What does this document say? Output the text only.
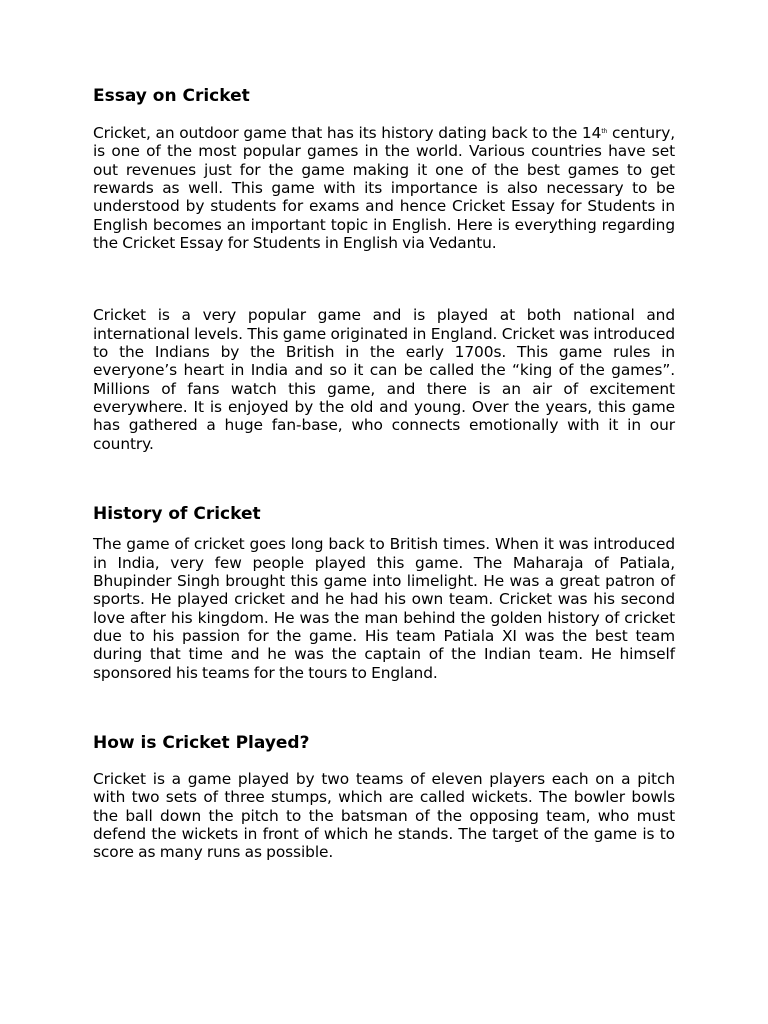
Essay on Cricket

Cricket, an outdoor game that has its history dating back to the 14th century, is one of the most popular games in the world. Various countries have set out revenues just for the game making it one of the best games to get rewards as well. This game with its importance is also necessary to be understood by students for exams and hence Cricket Essay for Students in English becomes an important topic in English. Here is everything regarding the Cricket Essay for Students in English via Vedantu.

Cricket is a very popular game and is played at both national and international levels. This game originated in England. Cricket was introduced to the Indians by the British in the early 1700s. This game rules in everyone’s heart in India and so it can be called the “king of the games”. Millions of fans watch this game, and there is an air of excitement everywhere. It is enjoyed by the old and young. Over the years, this game has gathered a huge fan-base, who connects emotionally with it in our country.

History of Cricket

The game of cricket goes long back to British times. When it was introduced in India, very few people played this game. The Maharaja of Patiala, Bhupinder Singh brought this game into limelight. He was a great patron of sports. He played cricket and he had his own team. Cricket was his second love after his kingdom. He was the man behind the golden history of cricket due to his passion for the game. His team Patiala XI was the best team during that time and he was the captain of the Indian team. He himself sponsored his teams for the tours to England.

How is Cricket Played?

Cricket is a game played by two teams of eleven players each on a pitch with two sets of three stumps, which are called wickets. The bowler bowls the ball down the pitch to the batsman of the opposing team, who must defend the wickets in front of which he stands. The target of the game is to score as many runs as possible.
